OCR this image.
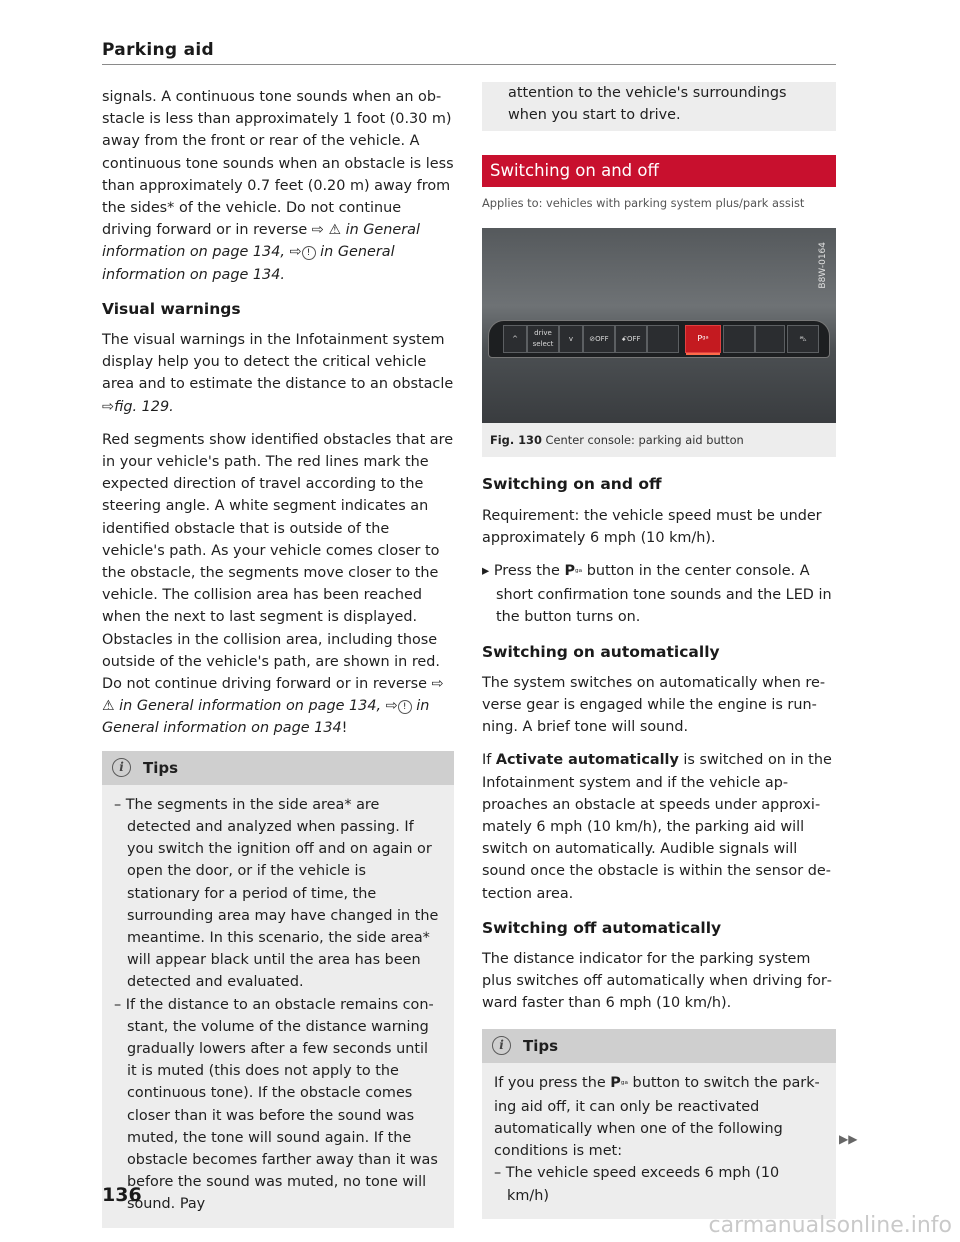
Parking aid

signals. A continuous tone sounds when an obstacle is less than approximately 1 foot (0.30 m) away from the front or rear of the vehicle. A continuous tone sounds when an obstacle is less than approximately 0.7 feet (0.20 m) away from the sides* of the vehicle. Do not continue driving forward or in reverse ⇨ ⚠ in General information on page 134, ⇨ ! in General information on page 134.

Visual warnings

The visual warnings in the Infotainment system display help you to detect the critical vehicle area and to estimate the distance to an obstacle ⇨fig. 129.

Red segments show identified obstacles that are in your vehicle's path. The red lines mark the expected direction of travel according to the steering angle. A white segment indicates an identified obstacle that is outside of the vehicle's path. As your vehicle comes closer to the obstacle, the segments move closer to the vehicle. The collision area has been reached when the next to last segment is displayed. Obstacles in the collision area, including those outside of the vehicle's path, are shown in red. Do not continue driving forward or in reverse ⇨ ⚠ in General information on page 134, ⇨ ! in General information on page 134!

i	Tips

– The segments in the side area* are detected and analyzed when passing. If you switch the ignition off and on again or open the door, or if the vehicle is stationary for a period of time, the surrounding area may have changed in the meantime. In this scenario, the side area* will appear black until the area has been detected and evaluated.

– If the distance to an obstacle remains constant, the volume of the distance warning gradually lowers after a few seconds until it is muted (this does not apply to the continuous tone). If the obstacle comes closer than it was before the sound was muted, the tone will sound again. If the obstacle becomes farther away than it was before the sound was muted, no tone will sound. Pay

attention to the vehicle's surroundings when you start to drive.

Switching on and off
Applies to: vehicles with parking system plus/park assist
B8W-0164
^
drive select
v	⊘OFF	ꗃOFF	Pᵍᵃ	⛍
Fig. 130 Center console: parking aid button
Switching on and off

Requirement: the vehicle speed must be under approximately 6 mph (10 km/h).

▸ Press the Pᵍᵃ button in the center console. A short confirmation tone sounds and the LED in the button turns on.

Switching on automatically

The system switches on automatically when reverse gear is engaged while the engine is running. A brief tone will sound.

If Activate automatically is switched on in the Infotainment system and if the vehicle approaches an obstacle at speeds under approximately 6 mph (10 km/h), the parking aid will switch on automatically. Audible signals will sound once the obstacle is within the sensor detection area.

Switching off automatically

The distance indicator for the parking system plus switches off automatically when driving forward faster than 6 mph (10 km/h).

i	Tips

If you press the Pᵍᵃ button to switch the parking aid off, it can only be reactivated automatically when one of the following conditions is met:

– The vehicle speed exceeds 6 mph (10 km/h)

▶▶
136
carmanualsonline.info
